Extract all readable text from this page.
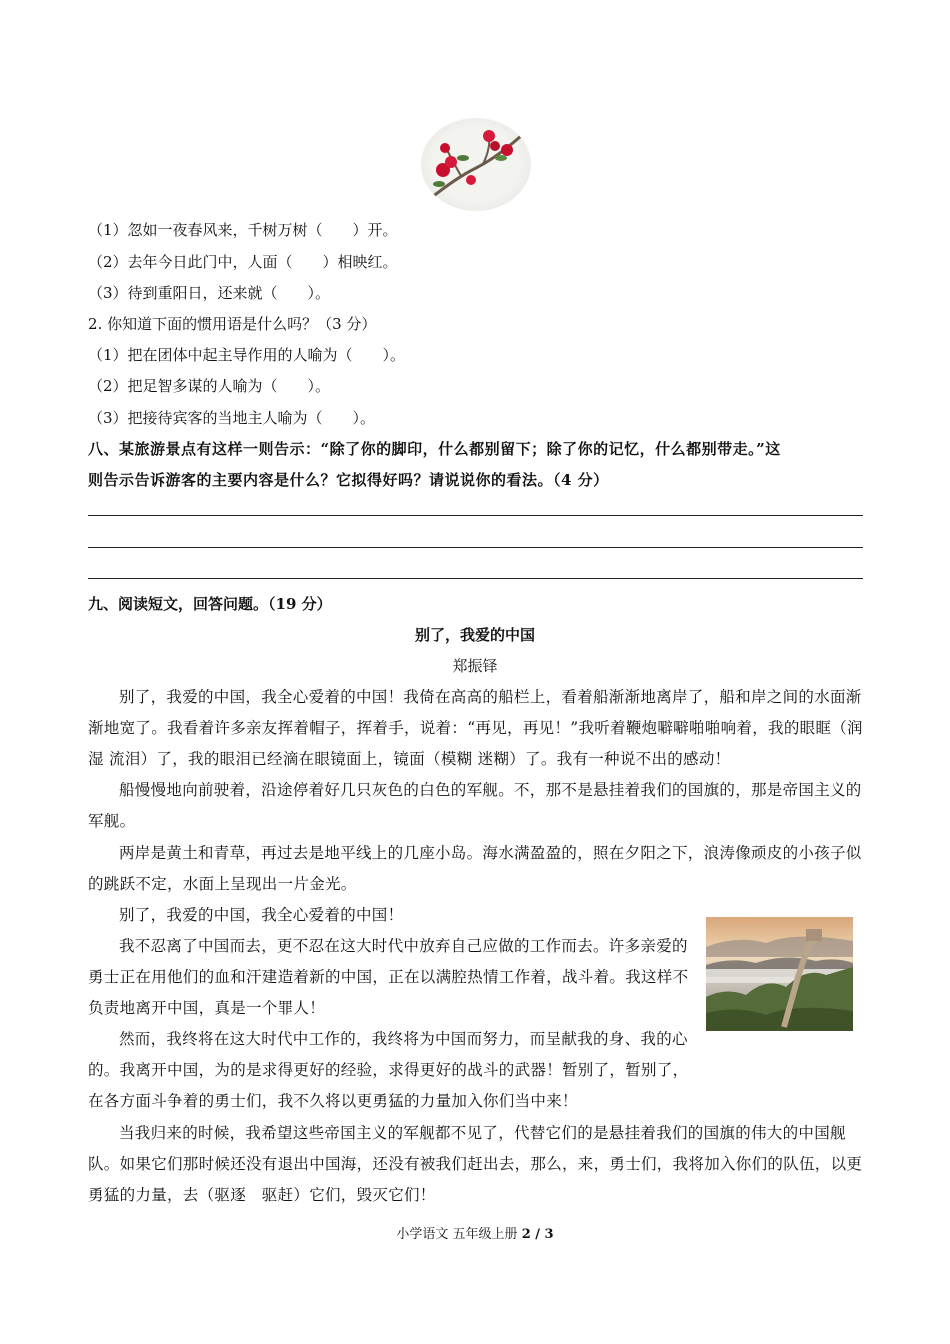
（1）忽如一夜春风来，千树万树（　　）开。
（2）去年今日此门中，人面（　　）相映红。
（3）待到重阳日，还来就（　　）。
2. 你知道下面的惯用语是什么吗？（3 分）
（1）把在团体中起主导作用的人喻为（　　）。
（2）把足智多谋的人喻为（　　）。
（3）把接待宾客的当地主人喻为（　　）。
八、某旅游景点有这样一则告示：“除了你的脚印，什么都别留下；除了你的记忆，什么都别带走。”这
则告示告诉游客的主要内容是什么？它拟得好吗？请说说你的看法。（4 分）
九、阅读短文，回答问题。（19 分）
别了，我爱的中国
郑振铎
别了，我爱的中国，我全心爱着的中国！我倚在高高的船栏上，看着船渐渐地离岸了，船和岸之间的水面渐渐地宽了。我看着许多亲友挥着帽子，挥着手，说着：“再见，再见！”我听着鞭炮噼噼啪啪响着，我的眼眶（润湿 流泪）了，我的眼泪已经滴在眼镜面上，镜面（模糊 迷糊）了。我有一种说不出的感动！
船慢慢地向前驶着，沿途停着好几只灰色的白色的军舰。不，那不是悬挂着我们的国旗的，那是帝国主义的军舰。
两岸是黄土和青草，再过去是地平线上的几座小岛。海水满盈盈的，照在夕阳之下，浪涛像顽皮的小孩子似的跳跃不定，水面上呈现出一片金光。
别了，我爱的中国，我全心爱着的中国！
我不忍离了中国而去，更不忍在这大时代中放弃自己应做的工作而去。许多亲爱的勇士正在用他们的血和汗建造着新的中国，正在以满腔热情工作着，战斗着。我这样不负责地离开中国，真是一个罪人！
然而，我终将在这大时代中工作的，我终将为中国而努力，而呈献我的身、我的心的。我离开中国，为的是求得更好的经验，求得更好的战斗的武器！暂别了，暂别了，在各方面斗争着的勇士们，我不久将以更勇猛的力量加入你们当中来！
当我归来的时候，我希望这些帝国主义的军舰都不见了，代替它们的是悬挂着我们的国旗的伟大的中国舰队。如果它们那时候还没有退出中国海，还没有被我们赶出去，那么，来，勇士们，我将加入你们的队伍，以更勇猛的力量，去（驱逐　驱赶）它们，毁灭它们！
小学语文 五年级上册 2 / 3
